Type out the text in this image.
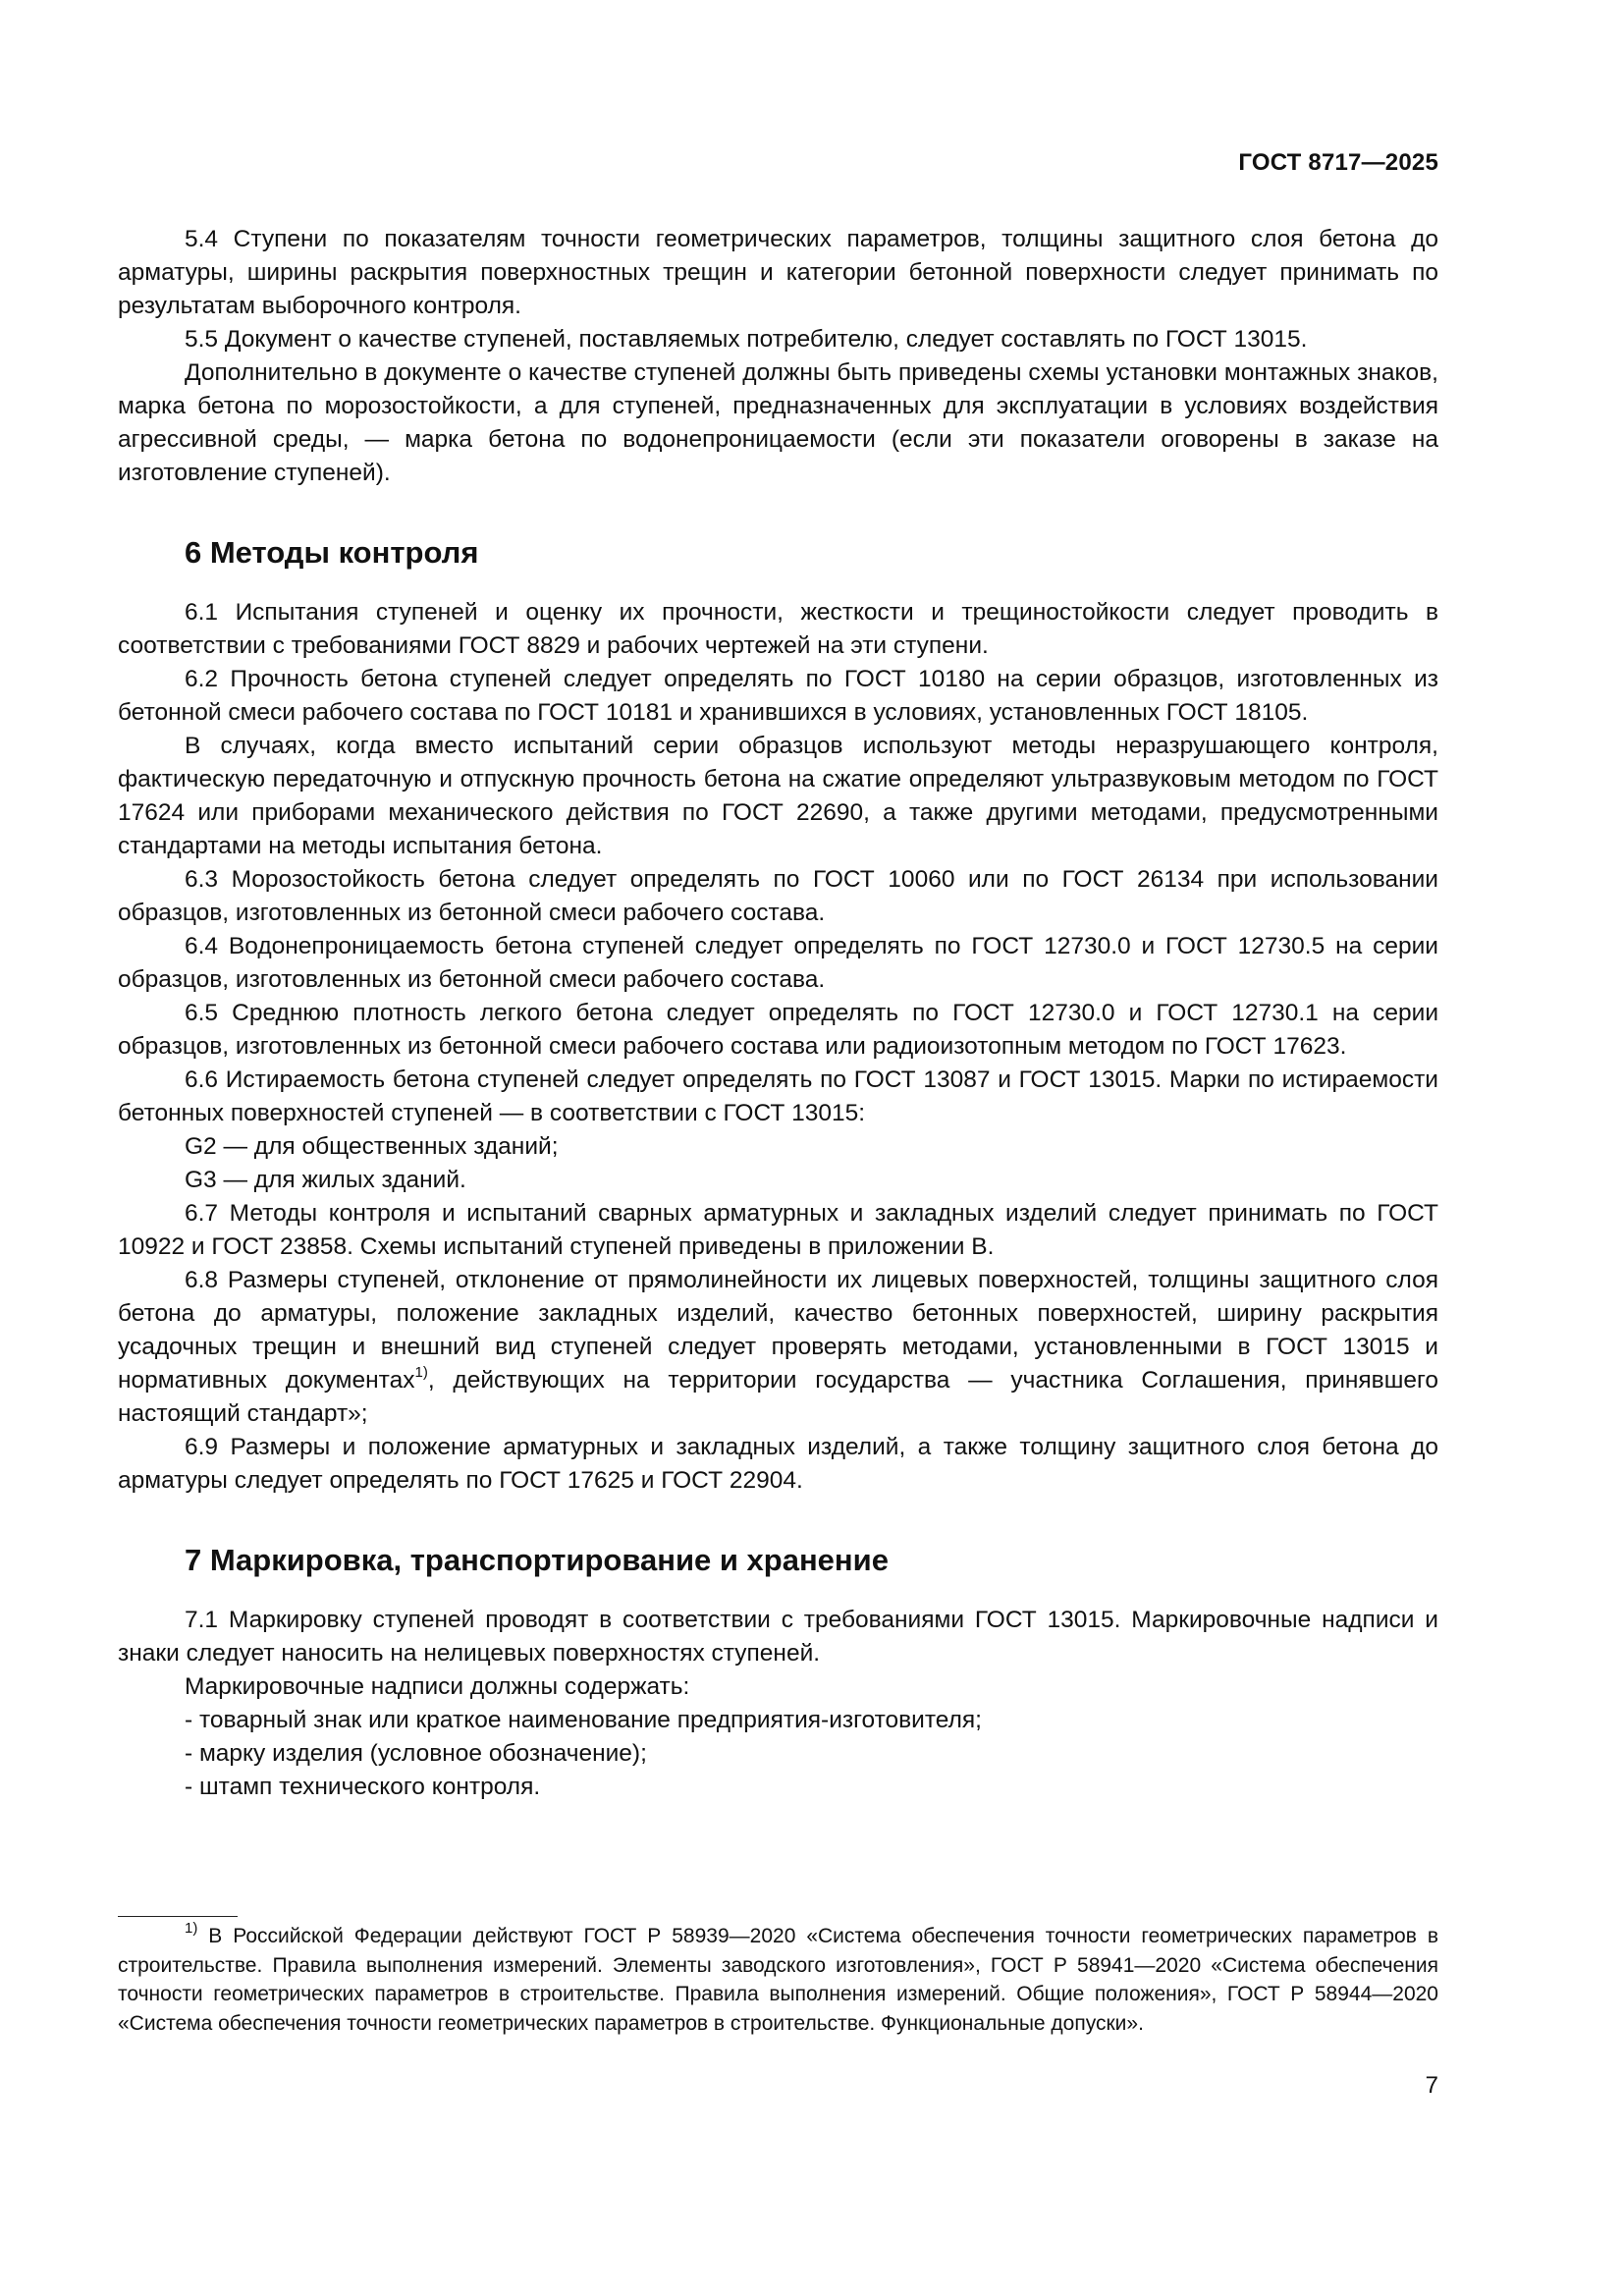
ГОСТ 8717—2025

5.4 Ступени по показателям точности геометрических параметров, толщины защитного слоя бетона до арматуры, ширины раскрытия поверхностных трещин и категории бетонной поверхности следует принимать по результатам выборочного контроля.

5.5 Документ о качестве ступеней, поставляемых потребителю, следует составлять по ГОСТ 13015.

Дополнительно в документе о качестве ступеней должны быть приведены схемы установки монтажных знаков, марка бетона по морозостойкости, а для ступеней, предназначенных для эксплуатации в условиях воздействия агрессивной среды, — марка бетона по водонепроницаемости (если эти показатели оговорены в заказе на изготовление ступеней).

6 Методы контроля

6.1 Испытания ступеней и оценку их прочности, жесткости и трещиностойкости следует проводить в соответствии с требованиями ГОСТ 8829 и рабочих чертежей на эти ступени.

6.2 Прочность бетона ступеней следует определять по ГОСТ 10180 на серии образцов, изготовленных из бетонной смеси рабочего состава по ГОСТ 10181 и хранившихся в условиях, установленных ГОСТ 18105.

В случаях, когда вместо испытаний серии образцов используют методы неразрушающего контроля, фактическую передаточную и отпускную прочность бетона на сжатие определяют ультразвуковым методом по ГОСТ 17624 или приборами механического действия по ГОСТ 22690, а также другими методами, предусмотренными стандартами на методы испытания бетона.

6.3 Морозостойкость бетона следует определять по ГОСТ 10060 или по ГОСТ 26134 при использовании образцов, изготовленных из бетонной смеси рабочего состава.

6.4 Водонепроницаемость бетона ступеней следует определять по ГОСТ 12730.0 и ГОСТ 12730.5 на серии образцов, изготовленных из бетонной смеси рабочего состава.

6.5 Среднюю плотность легкого бетона следует определять по ГОСТ 12730.0 и ГОСТ 12730.1 на серии образцов, изготовленных из бетонной смеси рабочего состава или радиоизотопным методом по ГОСТ 17623.

6.6 Истираемость бетона ступеней следует определять по ГОСТ 13087 и ГОСТ 13015. Марки по истираемости бетонных поверхностей ступеней — в соответствии с ГОСТ 13015:

G2 — для общественных зданий;

G3 — для жилых зданий.

6.7 Методы контроля и испытаний сварных арматурных и закладных изделий следует принимать по ГОСТ 10922 и ГОСТ 23858. Схемы испытаний ступеней приведены в приложении В.

6.8 Размеры ступеней, отклонение от прямолинейности их лицевых поверхностей, толщины защитного слоя бетона до арматуры, положение закладных изделий, качество бетонных поверхностей, ширину раскрытия усадочных трещин и внешний вид ступеней следует проверять методами, установленными в ГОСТ 13015 и нормативных документах$^{1)}$, действующих на территории государства — участника Соглашения, принявшего настоящий стандарт»;

6.9 Размеры и положение арматурных и закладных изделий, а также толщину защитного слоя бетона до арматуры следует определять по ГОСТ 17625 и ГОСТ 22904.

7 Маркировка, транспортирование и хранение

7.1 Маркировку ступеней проводят в соответствии с требованиями ГОСТ 13015. Маркировочные надписи и знаки следует наносить на нелицевых поверхностях ступеней.

Маркировочные надписи должны содержать:

- товарный знак или краткое наименование предприятия-изготовителя;

- марку изделия (условное обозначение);

- штамп технического контроля.

$^{1)}$ В Российской Федерации действуют ГОСТ Р 58939—2020 «Система обеспечения точности геометрических параметров в строительстве. Правила выполнения измерений. Элементы заводского изготовления», ГОСТ Р 58941—2020 «Система обеспечения точности геометрических параметров в строительстве. Правила выполнения измерений. Общие положения», ГОСТ Р 58944—2020 «Система обеспечения точности геометрических параметров в строительстве. Функциональные допуски».

7
